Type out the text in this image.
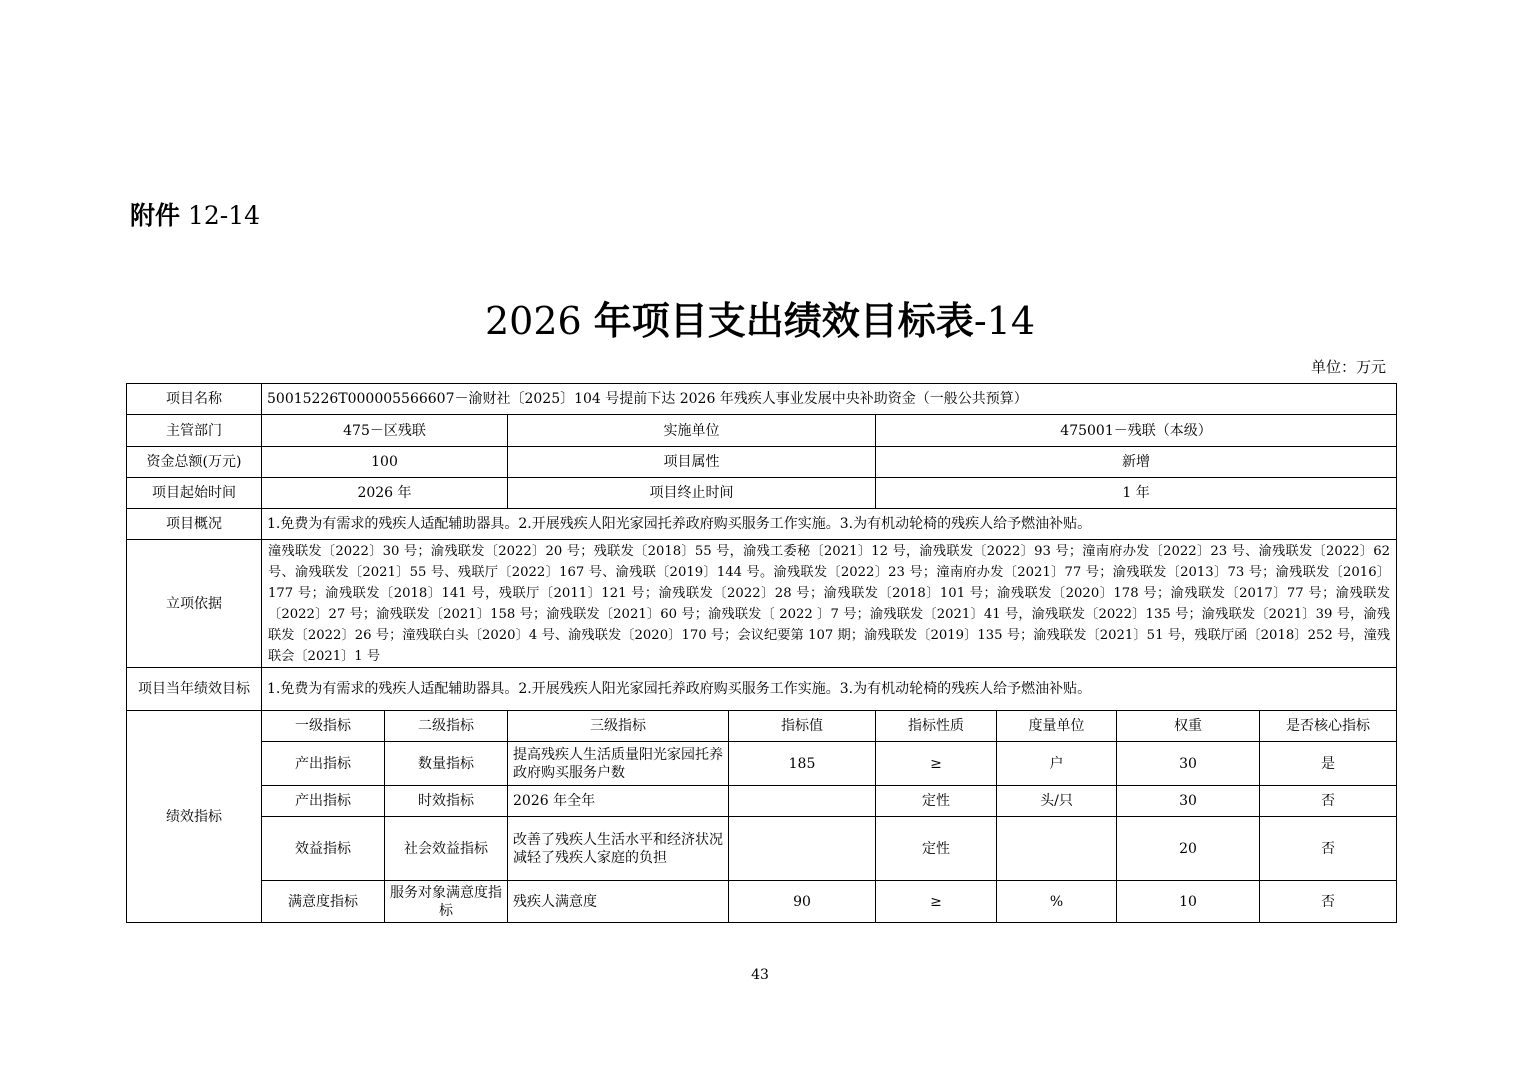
附件 12-14
2026 年项目支出绩效目标表-14
单位：万元
项目名称	50015226T000005566607－渝财社〔2025〕104 号提前下达 2026 年残疾人事业发展中央补助资金（一般公共预算）							
主管部门	475－区残联		实施单位		475001－残联（本级）			
资金总额(万元)	100		项目属性		新增			
项目起始时间	2026 年		项目终止时间		1 年			
项目概况	1.免费为有需求的残疾人适配辅助器具。2.开展残疾人阳光家园托养政府购买服务工作实施。3.为有机动轮椅的残疾人给予燃油补贴。							
立项依据	潼残联发〔2022〕30 号；渝残联发〔2022〕20 号；残联发〔2018〕55 号，渝残工委秘〔2021〕12 号，渝残联发〔2022〕93 号；潼南府办发〔2022〕23 号、渝残联发〔2022〕62 号、渝残联发〔2021〕55 号、残联厅〔2022〕167 号、渝残联〔2019〕144 号。渝残联发〔2022〕23 号；潼南府办发〔2021〕77 号；渝残联发〔2013〕73 号；渝残联发〔2016〕177 号；渝残联发〔2018〕141 号，残联厅〔2011〕121 号；渝残联发〔2022〕28 号；渝残联发〔2018〕101 号；渝残联发〔2020〕178 号；渝残联发〔2017〕77 号；渝残联发〔2022〕27 号；渝残联发〔2021〕158 号；渝残联发〔2021〕60 号；渝残联发〔 2022 〕7 号；渝残联发〔2021〕41 号，渝残联发〔2022〕135 号；渝残联发〔2021〕39 号，渝残联发〔2022〕26 号；潼残联白头〔2020〕4 号、渝残联发〔2020〕170 号；会议纪要第 107 期；渝残联发〔2019〕135 号；渝残联发〔2021〕51 号，残联厅函〔2018〕252 号，潼残联会〔2021〕1 号							
项目当年绩效目标	1.免费为有需求的残疾人适配辅助器具。2.开展残疾人阳光家园托养政府购买服务工作实施。3.为有机动轮椅的残疾人给予燃油补贴。							
绩效指标	一级指标	二级指标	三级指标	指标值	指标性质	度量单位	权重	是否核心指标
	产出指标	数量指标	提高残疾人生活质量阳光家园托养政府购买服务户数	185	≥	户	30	是
	产出指标	时效指标	2026 年全年		定性	头/只	30	否
	效益指标	社会效益指标	改善了残疾人生活水平和经济状况减轻了残疾人家庭的负担		定性		20	否
	满意度指标	服务对象满意度指标	残疾人满意度	90	≥	%	10	否
43
